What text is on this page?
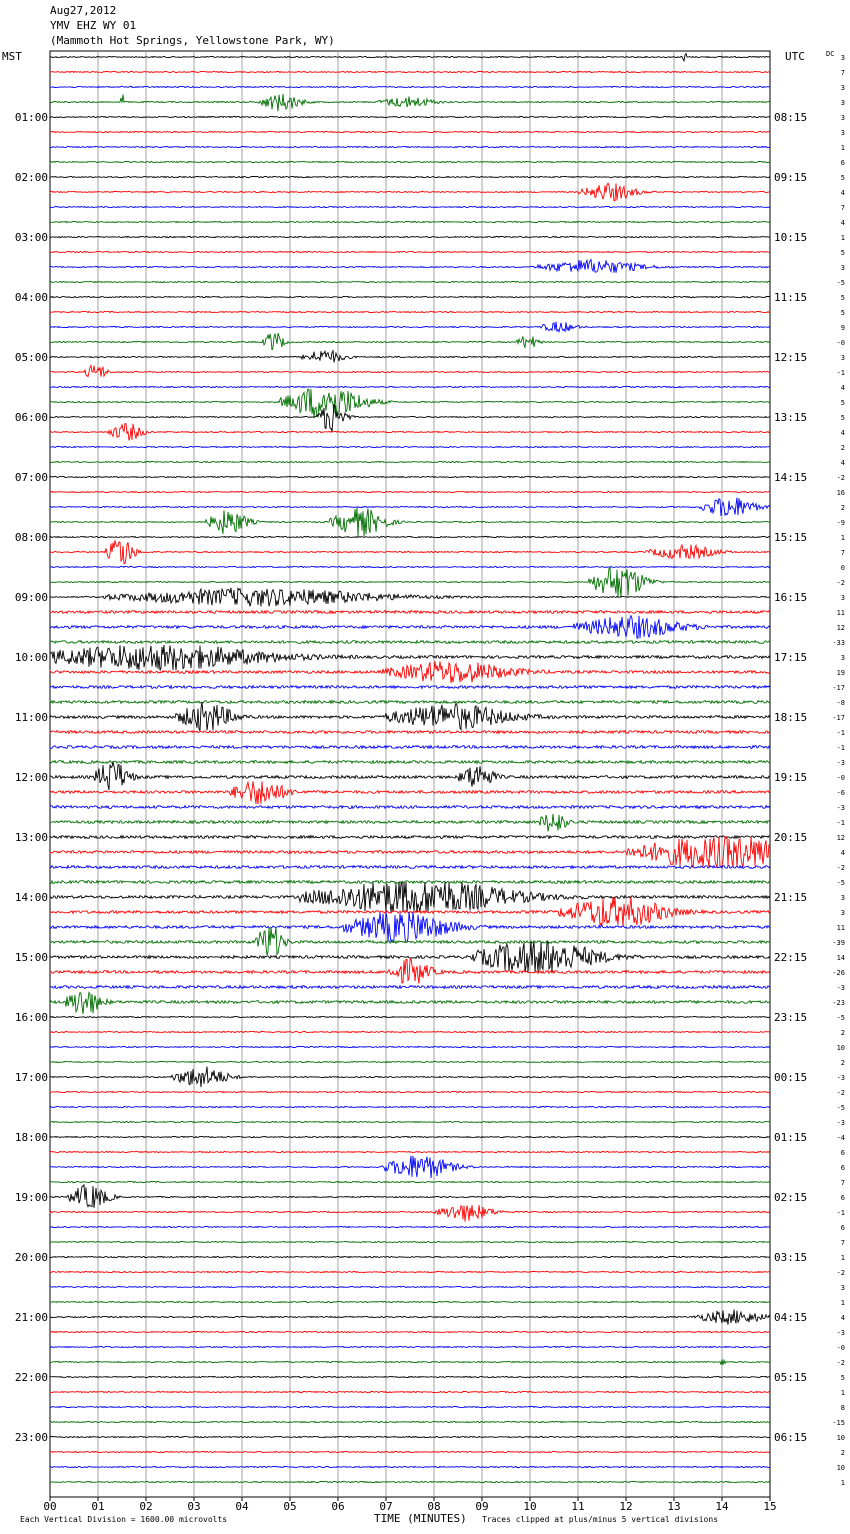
00	01	02	03	04	05	06	07	08	09	10	11	12	13	14	15
3
7
3
3
3
01:00	08:15
3
1
6
5
02:00	09:15
4
7
4
1
03:00	10:15
5
3
-5
5
04:00	11:15
5
9
-0
3
05:00	12:15
-1
4
5
5
06:00	13:15
4
2
4
-2
07:00	14:15
16
2
-9
1
08:00	15:15
7
0
-2
3
09:00	16:15
11
12
-33
3
10:00	17:15
19
-17
-8
-17
11:00	18:15
-1
-1
-3
-0
12:00	19:15
-6
-3
-1
12
13:00	20:15
4
-2
-5
3
14:00	21:15
3
11
-39
14
15:00	22:15
-26
-3
-23
-5
16:00	23:15
2
10
2
-3
17:00	00:15
-2
-5
-3
-4
18:00	01:15
6
6
7
6
19:00	02:15
-1
6
7
1
20:00	03:15
-2
3
1
4
21:00	04:15
-3
-0
-2
5
22:00	05:15
1
8
-15
10
23:00	06:15
2
10
1
Aug27,2012
YMV EHZ WY 01
(Mammoth Hot Springs, Yellowstone Park, WY)
MST	UTC	DC
Each Vertical Division = 1600.00 microvolts	TIME (MINUTES) Traces clipped at plus/minus 5 vertical divisions
